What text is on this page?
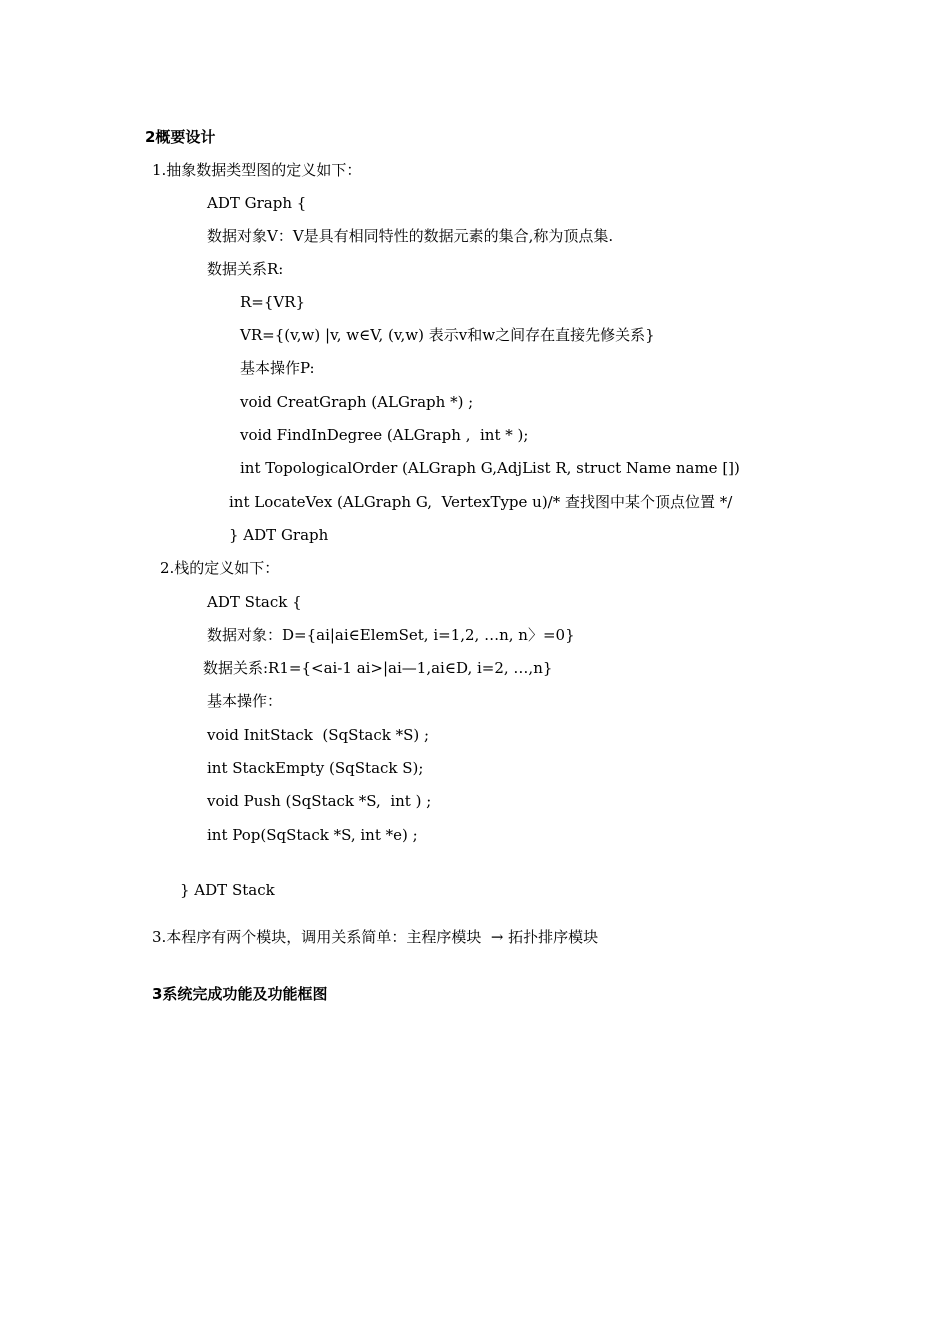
2概要设计
1.抽象数据类型图的定义如下：
ADT Graph {
数据对象V：V是具有相同特性的数据元素的集合,称为顶点集.
数据关系R:
R={VR}
VR={(v,w) |v, w∈V, (v,w) 表示v和w之间存在直接先修关系}
基本操作P:
void CreatGraph (ALGraph *) ;
void FindInDegree (ALGraph ,  int * );
int TopologicalOrder (ALGraph G,AdjList R, struct Name name [])
int LocateVex (ALGraph G,  VertexType u)/* 查找图中某个顶点位置 */
} ADT Graph
2.栈的定义如下：
ADT Stack {
数据对象：D={ai|ai∈ElemSet, i=1,2, …n, n〉=0}
数据关系:R1={<ai-1 ai>|ai—1,ai∈D, i=2, …,n}
基本操作：
void InitStack  (SqStack *S) ;
int StackEmpty (SqStack S);
void Push (SqStack *S,  int ) ;
int Pop(SqStack *S, int *e) ;
} ADT Stack
3.本程序有两个模块，调用关系简单：主程序模块  → 拓扑排序模块
3系统完成功能及功能框图
